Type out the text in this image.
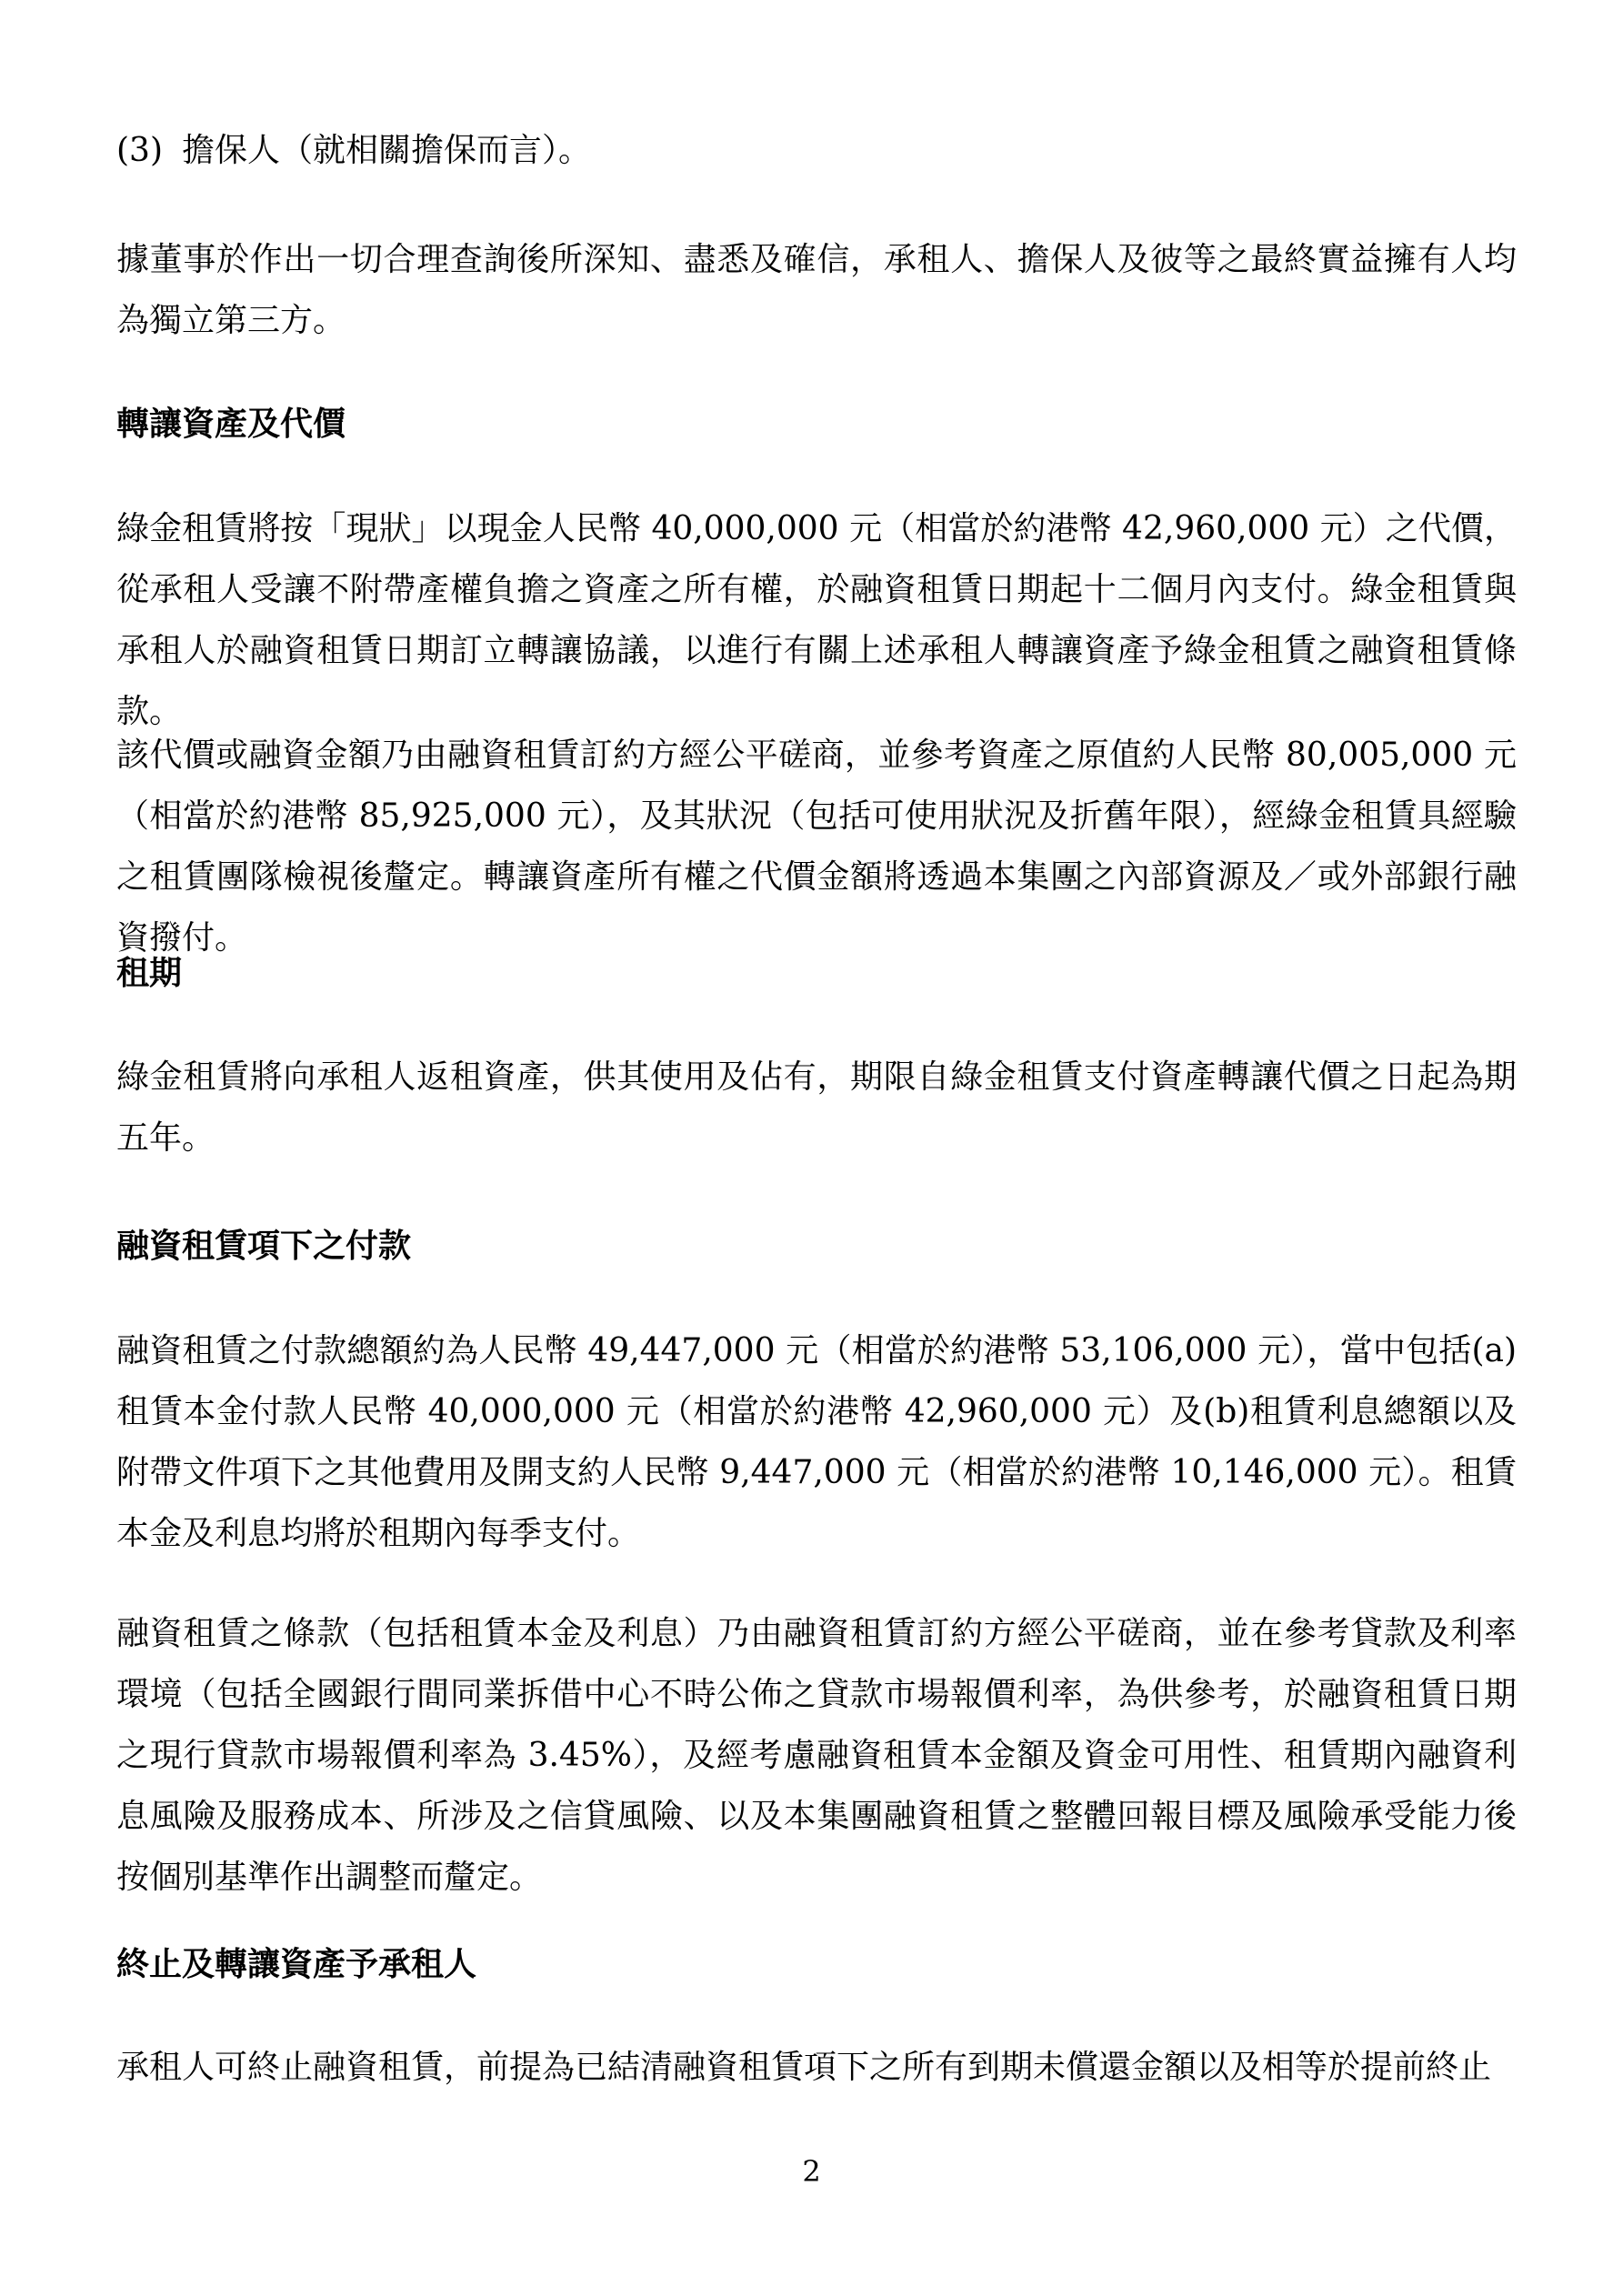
(3) 擔保人（就相關擔保而言）。

據董事於作出一切合理查詢後所深知、盡悉及確信，承租人、擔保人及彼等之最終實益擁有人均為獨立第三方。

轉讓資產及代價

綠金租賃將按「現狀」以現金人民幣 40,000,000 元（相當於約港幣 42,960,000 元）之代價，從承租人受讓不附帶產權負擔之資產之所有權，於融資租賃日期起十二個月內支付。綠金租賃與承租人於融資租賃日期訂立轉讓協議，以進行有關上述承租人轉讓資產予綠金租賃之融資租賃條款。

該代價或融資金額乃由融資租賃訂約方經公平磋商，並參考資產之原值約人民幣 80,005,000 元（相當於約港幣 85,925,000 元），及其狀況（包括可使用狀況及折舊年限），經綠金租賃具經驗之租賃團隊檢視後釐定。轉讓資產所有權之代價金額將透過本集團之內部資源及／或外部銀行融資撥付。

租期

綠金租賃將向承租人返租資產，供其使用及佔有，期限自綠金租賃支付資產轉讓代價之日起為期五年。

融資租賃項下之付款

融資租賃之付款總額約為人民幣 49,447,000 元（相當於約港幣 53,106,000 元），當中包括(a)租賃本金付款人民幣 40,000,000 元（相當於約港幣 42,960,000 元）及(b)租賃利息總額以及附帶文件項下之其他費用及開支約人民幣 9,447,000 元（相當於約港幣 10,146,000 元）。租賃本金及利息均將於租期內每季支付。

融資租賃之條款（包括租賃本金及利息）乃由融資租賃訂約方經公平磋商，並在參考貸款及利率環境（包括全國銀行間同業拆借中心不時公佈之貸款市場報價利率，為供參考，於融資租賃日期之現行貸款市場報價利率為 3.45%），及經考慮融資租賃本金額及資金可用性、租賃期內融資利息風險及服務成本、所涉及之信貸風險、以及本集團融資租賃之整體回報目標及風險承受能力後按個別基準作出調整而釐定。

終止及轉讓資產予承租人

承租人可終止融資租賃，前提為已結清融資租賃項下之所有到期未償還金額以及相等於提前終止

2
